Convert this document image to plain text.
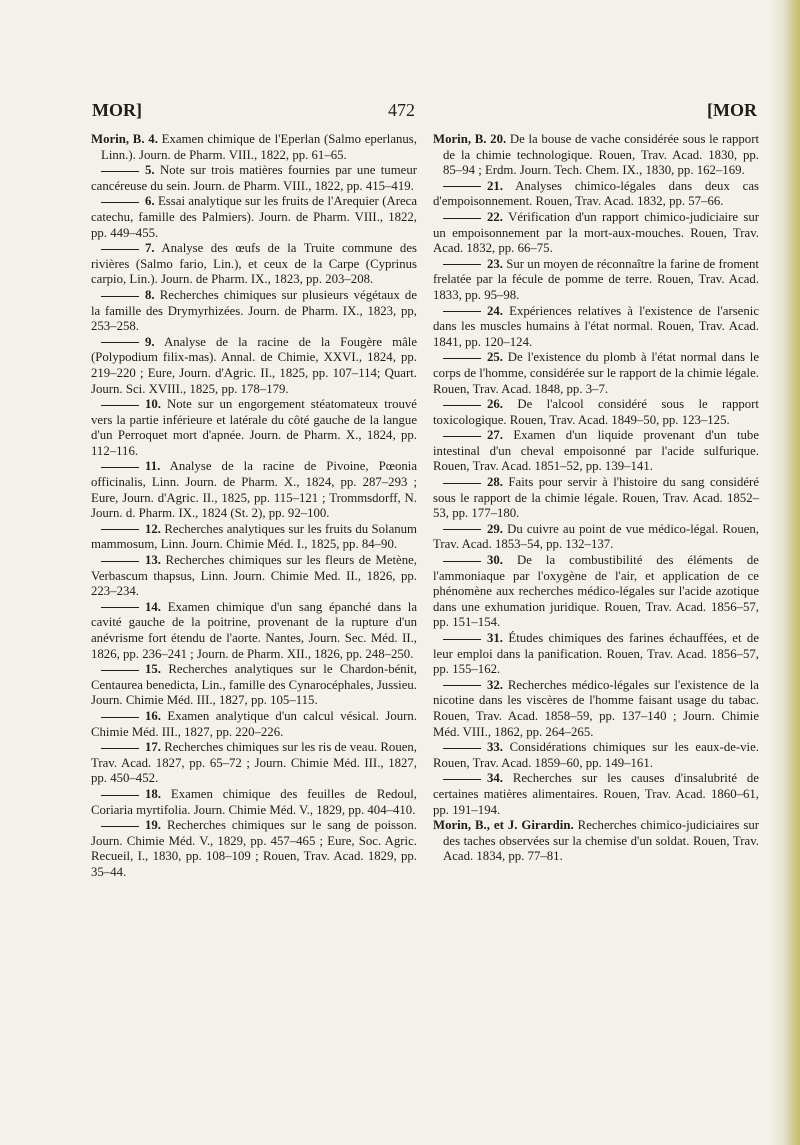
MOR]	472	[MOR

Morin, B. 4. Examen chimique de l'Eperlan (Salmo eperlanus, Linn.). Journ. de Pharm. VIII., 1822, pp. 61–65.

5. Note sur trois matières fournies par une tumeur cancéreuse du sein. Journ. de Pharm. VIII., 1822, pp. 415–419.

6. Essai analytique sur les fruits de l'Arequier (Areca catechu, famille des Palmiers). Journ. de Pharm. VIII., 1822, pp. 449–455.

7. Analyse des œufs de la Truite commune des rivières (Salmo fario, Lin.), et ceux de la Carpe (Cyprinus carpio, Lin.). Journ. de Pharm. IX., 1823, pp. 203–208.

8. Recherches chimiques sur plusieurs végétaux de la famille des Drymyrhizées. Journ. de Pharm. IX., 1823, pp, 253–258.

9. Analyse de la racine de la Fougère mâle (Polypodium filix-mas). Annal. de Chimie, XXVI., 1824, pp. 219–220 ; Eure, Journ. d'Agric. II., 1825, pp. 107–114; Quart. Journ. Sci. XVIII., 1825, pp. 178–179.

10. Note sur un engorgement stéatomateux trouvé vers la partie inférieure et latérale du côté gauche de la langue d'un Perroquet mort d'apnée. Journ. de Pharm. X., 1824, pp. 112–116.

11. Analyse de la racine de Pivoine, Pœonia officinalis, Linn. Journ. de Pharm. X., 1824, pp. 287–293 ; Eure, Journ. d'Agric. II., 1825, pp. 115–121 ; Trommsdorff, N. Journ. d. Pharm. IX., 1824 (St. 2), pp. 92–100.

12. Recherches analytiques sur les fruits du Solanum mammosum, Linn. Journ. Chimie Méd. I., 1825, pp. 84–90.

13. Recherches chimiques sur les fleurs de Metène, Verbascum thapsus, Linn. Journ. Chimie Med. II., 1826, pp. 223–234.

14. Examen chimique d'un sang épanché dans la cavité gauche de la poitrine, provenant de la rupture d'un anévrisme fort étendu de l'aorte. Nantes, Journ. Sec. Méd. II., 1826, pp. 236–241 ; Journ. de Pharm. XII., 1826, pp. 248–250.

15. Recherches analytiques sur le Chardon-bénit, Centaurea benedicta, Lin., famille des Cynarocéphales, Jussieu. Journ. Chimie Méd. III., 1827, pp. 105–115.

16. Examen analytique d'un calcul vésical. Journ. Chimie Méd. III., 1827, pp. 220–226.

17. Recherches chimiques sur les ris de veau. Rouen, Trav. Acad. 1827, pp. 65–72 ; Journ. Chimie Méd. III., 1827, pp. 450–452.

18. Examen chimique des feuilles de Redoul, Coriaria myrtifolia. Journ. Chimie Méd. V., 1829, pp. 404–410.

19. Recherches chimiques sur le sang de poisson. Journ. Chimie Méd. V., 1829, pp. 457–465 ; Eure, Soc. Agric. Recueil, I., 1830, pp. 108–109 ; Rouen, Trav. Acad. 1829, pp. 35–44.

Morin, B. 20. De la bouse de vache considérée sous le rapport de la chimie technologique. Rouen, Trav. Acad. 1830, pp. 85–94 ; Erdm. Journ. Tech. Chem. IX., 1830, pp. 162–169.

21. Analyses chimico-légales dans deux cas d'empoisonnement. Rouen, Trav. Acad. 1832, pp. 57–66.

22. Vérification d'un rapport chimico-judiciaire sur un empoisonnement par la mort-aux-mouches. Rouen, Trav. Acad. 1832, pp. 66–75.

23. Sur un moyen de réconnaître la farine de froment frelatée par la fécule de pomme de terre. Rouen, Trav. Acad. 1833, pp. 95–98.

24. Expériences relatives à l'existence de l'arsenic dans les muscles humains à l'état normal. Rouen, Trav. Acad. 1841, pp. 120–124.

25. De l'existence du plomb à l'état normal dans le corps de l'homme, considérée sur le rapport de la chimie légale. Rouen, Trav. Acad. 1848, pp. 3–7.

26. De l'alcool considéré sous le rapport toxicologique. Rouen, Trav. Acad. 1849–50, pp. 123–125.

27. Examen d'un liquide provenant d'un tube intestinal d'un cheval empoisonné par l'acide sulfurique. Rouen, Trav. Acad. 1851–52, pp. 139–141.

28. Faits pour servir à l'histoire du sang considéré sous le rapport de la chimie légale. Rouen, Trav. Acad. 1852–53, pp. 177–180.

29. Du cuivre au point de vue médico-légal. Rouen, Trav. Acad. 1853–54, pp. 132–137.

30. De la combustibilité des éléments de l'ammoniaque par l'oxygène de l'air, et application de ce phénomène aux recherches médico-légales sur l'acide azotique dans une exhumation juridique. Rouen, Trav. Acad. 1856–57, pp. 151–154.

31. Études chimiques des farines échauffées, et de leur emploi dans la panification. Rouen, Trav. Acad. 1856–57, pp. 155–162.

32. Recherches médico-légales sur l'existence de la nicotine dans les viscères de l'homme faisant usage du tabac. Rouen, Trav. Acad. 1858–59, pp. 137–140 ; Journ. Chimie Méd. VIII., 1862, pp. 264–265.

33. Considérations chimiques sur les eaux-de-vie. Rouen, Trav. Acad. 1859–60, pp. 149–161.

34. Recherches sur les causes d'insalubrité de certaines matières alimentaires. Rouen, Trav. Acad. 1860–61, pp. 191–194.

Morin, B., et J. Girardin. Recherches chimico-judiciaires sur des taches observées sur la chemise d'un soldat. Rouen, Trav. Acad. 1834, pp. 77–81.
